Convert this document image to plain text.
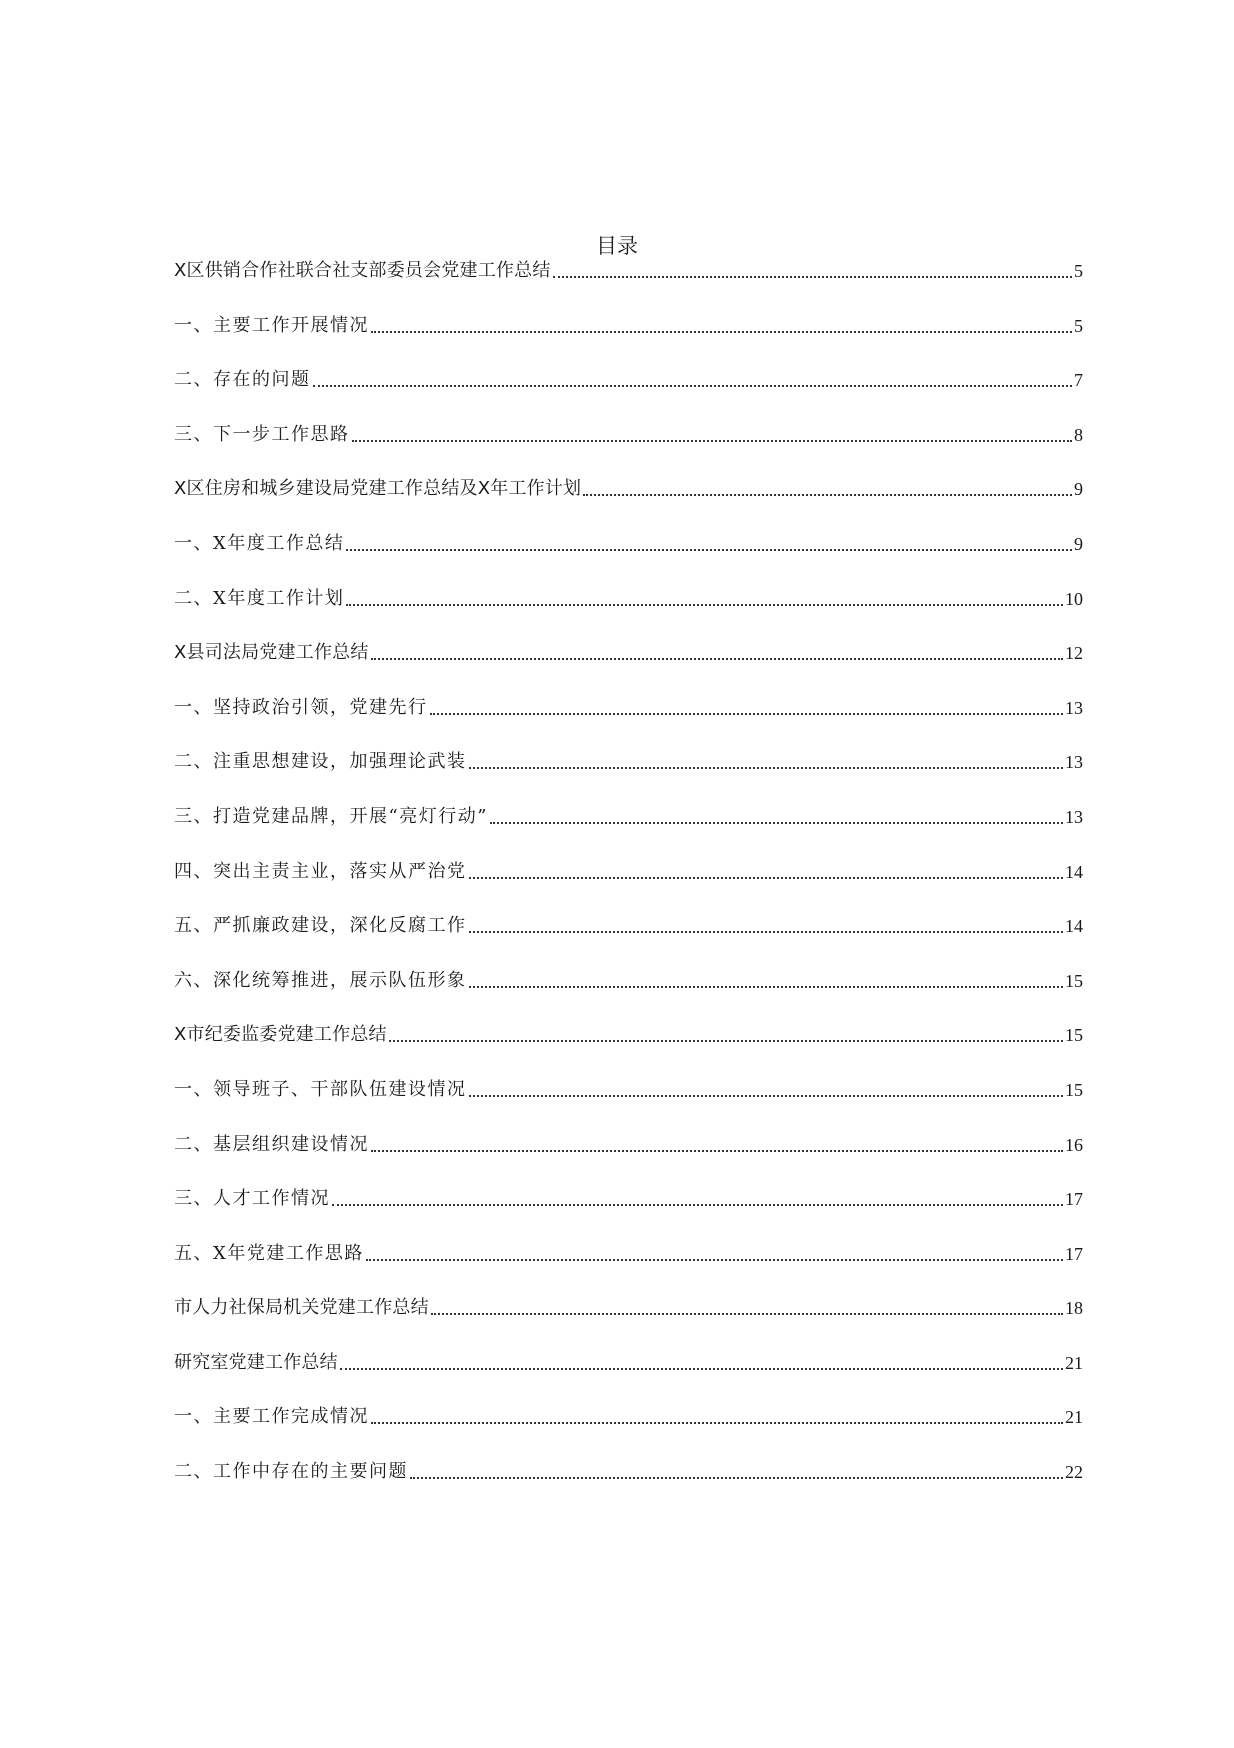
目录
X区供销合作社联合社支部委员会党建工作总结	5
一、主要工作开展情况	5
二、存在的问题	7
三、下一步工作思路	8
X区住房和城乡建设局党建工作总结及X年工作计划	9
一、X年度工作总结	9
二、X年度工作计划	10
X县司法局党建工作总结	12
一、坚持政治引领，党建先行	13
二、注重思想建设，加强理论武装	13
三、打造党建品牌，开展“亮灯行动”	13
四、突出主责主业，落实从严治党	14
五、严抓廉政建设，深化反腐工作	14
六、深化统筹推进，展示队伍形象	15
X市纪委监委党建工作总结	15
一、领导班子、干部队伍建设情况	15
二、基层组织建设情况	16
三、人才工作情况	17
五、X年党建工作思路	17
市人力社保局机关党建工作总结	18
研究室党建工作总结	21
一、主要工作完成情况	21
二、工作中存在的主要问题	22
